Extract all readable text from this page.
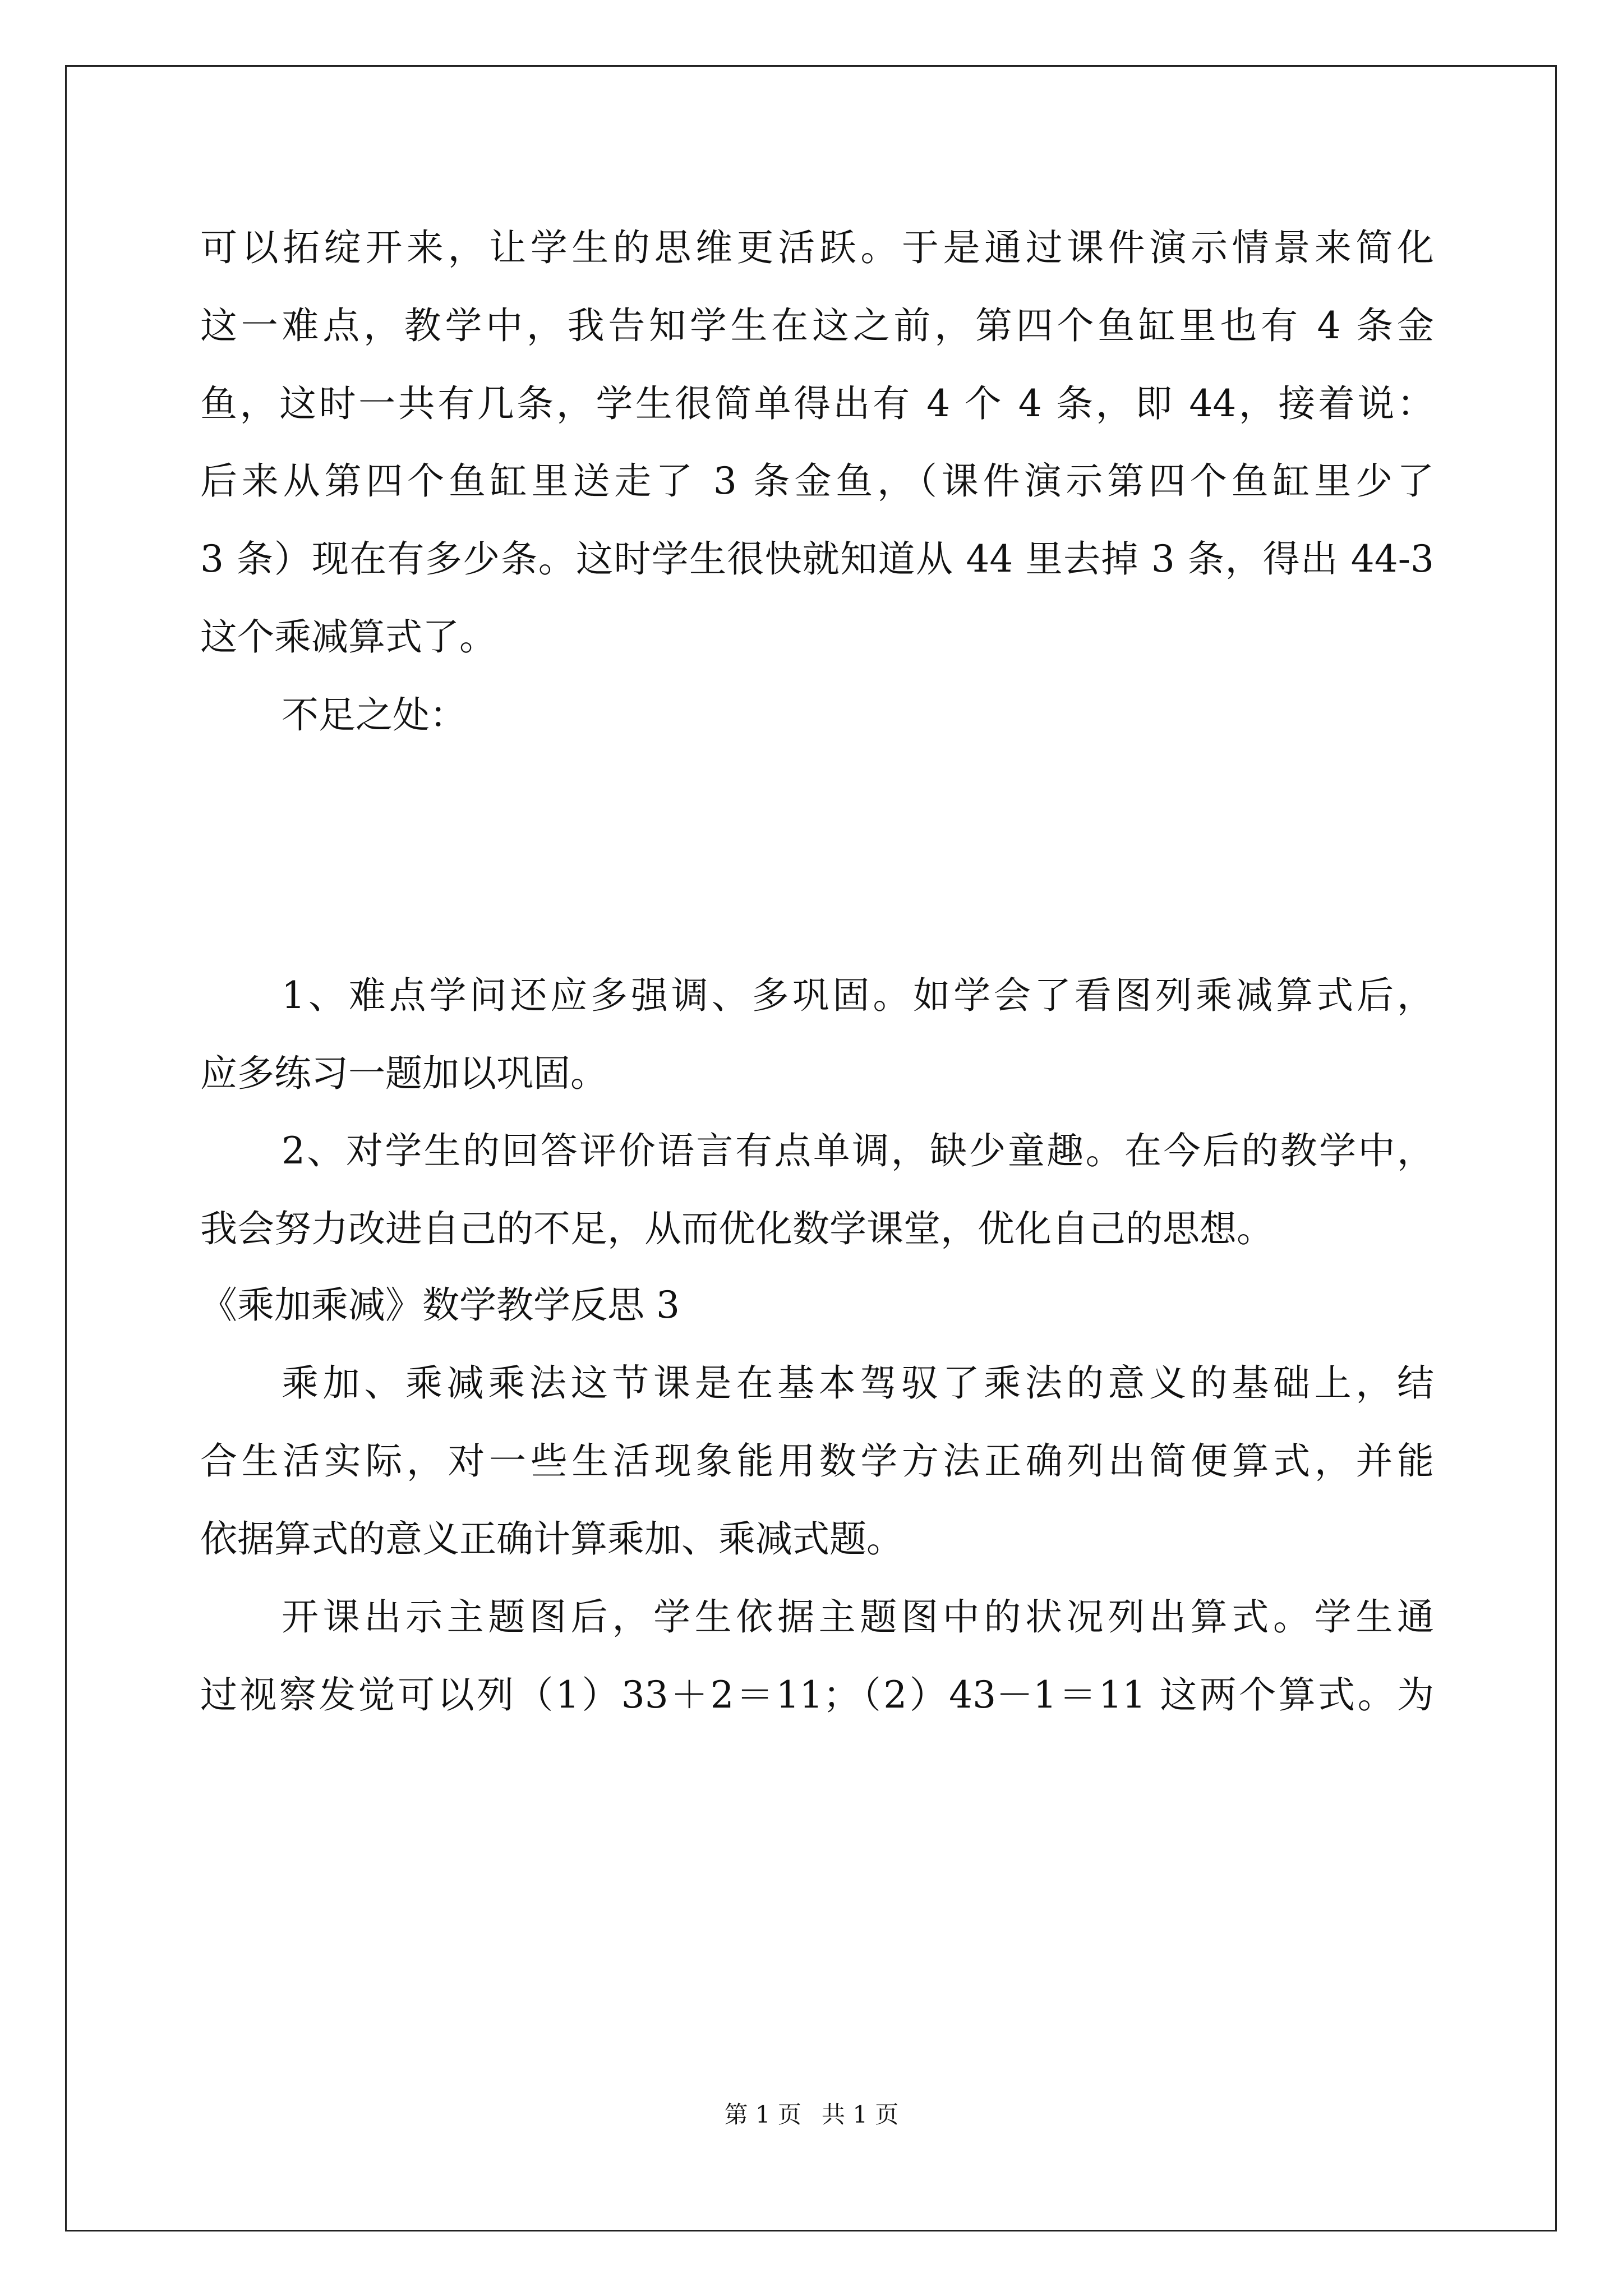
可以拓绽开来，让学生的思维更活跃。于是通过课件演示情景来简化
这一难点，教学中，我告知学生在这之前，第四个鱼缸里也有 4 条金
鱼，这时一共有几条，学生很简单得出有 4 个 4 条，即 44，接着说：
后来从第四个鱼缸里送走了 3 条金鱼，（课件演示第四个鱼缸里少了
3 条）现在有多少条。这时学生很快就知道从 44 里去掉 3 条，得出 44-3
这个乘减算式了。
不足之处：
1、难点学问还应多强调、多巩固。如学会了看图列乘减算式后，
应多练习一题加以巩固。
2、对学生的回答评价语言有点单调，缺少童趣。在今后的教学中，
我会努力改进自己的不足，从而优化数学课堂，优化自己的思想。
《乘加乘减》数学教学反思 3
乘加、乘减乘法这节课是在基本驾驭了乘法的意义的基础上，结
合生活实际，对一些生活现象能用数学方法正确列出简便算式，并能
依据算式的意义正确计算乘加、乘减式题。
开课出示主题图后，学生依据主题图中的状况列出算式。学生通
过视察发觉可以列（1）33＋2＝11；（2）43－1＝11 这两个算式。为
第 1 页 共 1 页
